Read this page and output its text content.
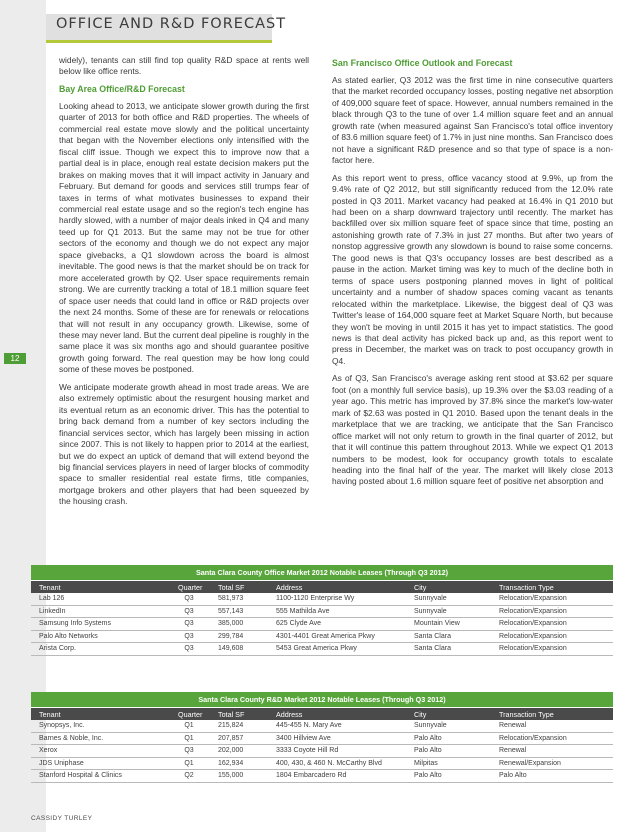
OFFICE AND R&D FORECAST
12

widely), tenants can still find top quality R&D space at rents well below like office rents.

Bay Area Office/R&D Forecast

Looking ahead to 2013, we anticipate slower growth during the first quarter of 2013 for both office and R&D properties. The wheels of commercial real estate move slowly and the political uncertainty that began with the November elections only intensified with the fiscal cliff issue. Though we expect this to improve now that a partial deal is in place, enough real estate decision makers put the brakes on making moves that it will impact activity in January and February. But demand for goods and services still trumps fear of taxes in terms of what motivates businesses to expand their commercial real estate usage and so the region's tech engine has hardly slowed, with a number of major deals inked in Q4 and many teed up for Q1 2013. But the same may not be true for other sectors of the economy and though we do not expect any major space givebacks, a Q1 slowdown across the board is almost inevitable. The good news is that the market should be on track for more accelerated growth by Q2. User space requirements remain strong. We are currently tracking a total of 18.1 million square feet of space user needs that could land in office or R&D projects over the next 24 months. Some of these are for renewals or relocations that will not result in any occupancy growth. Likewise, some of these may never land. But the current deal pipeline is roughly in the same place it was six months ago and should guarantee positive growth going forward. The real question may be how long could some of these moves be postponed.

We anticipate moderate growth ahead in most trade areas. We are also extremely optimistic about the resurgent housing market and its eventual return as an economic driver. This has the potential to bring back demand from a number of key sectors including the financial services sector, which has largely been missing in action since 2007. This is not likely to happen prior to 2014 at the earliest, but we do expect an uptick of demand that will extend beyond the big financial services players in need of larger blocks of commodity space to smaller residential real estate firms, title companies, mortgage brokers and other players that had been squeezed by the housing crash.

San Francisco Office Outlook and Forecast

As stated earlier, Q3 2012 was the first time in nine consecutive quarters that the market recorded occupancy losses, posting negative net absorption of 409,000 square feet of space. However, annual numbers remained in the black through Q3 to the tune of over 1.4 million square feet and an annual growth rate (when measured against San Francisco's total office inventory of 83.6 million square feet) of 1.7% in just nine months. San Francisco does not have a significant R&D presence and so that type of space is a non-factor here.

As this report went to press, office vacancy stood at 9.9%, up from the 9.4% rate of Q2 2012, but still significantly reduced from the 12.0% rate posted in Q3 2011. Market vacancy had peaked at 16.4% in Q1 2010 but had been on a sharp downward trajectory until recently. The market has backfilled over six million square feet of space since that time, posting an astonishing growth rate of 7.3% in just 27 months. But after two years of nonstop aggressive growth any slowdown is bound to raise some concerns. The good news is that Q3's occupancy losses are best described as a pause in the action. Market timing was key to much of the decline both in terms of space users postponing planned moves in light of political uncertainty and a number of shadow spaces coming vacant as tenants relocated within the marketplace. Likewise, the biggest deal of Q3 was Twitter's lease of 164,000 square feet at Market Square North, but because they won't be moving in until 2015 it has yet to impact statistics. The good news is that deal activity has picked back up and, as this report went to press in December, the market was on track to post occupancy growth in Q4.

As of Q3, San Francisco's average asking rent stood at $3.62 per square foot (on a monthly full service basis), up 19.3% over the $3.03 reading of a year ago. This metric has improved by 37.8% since the market's low-water mark of $2.63 was posted in Q1 2010. Based upon the tenant deals in the marketplace that we are tracking, we anticipate that the San Francisco office market will not only return to growth in the final quarter of 2012, but that it will continue this pattern throughout 2013. While we expect Q1 2013 numbers to be modest, look for occupancy growth totals to escalate heading into the final half of the year. The market will likely close 2013 having posted about 1.6 million square feet of positive net absorption and

Santa Clara County Office Market 2012 Notable Leases (Through Q3 2012)
Tenant	Quarter	Total SF	Address	City	Transaction Type
Lab 126	Q3	581,973	1100-1120 Enterprise Wy	Sunnyvale	Relocation/Expansion
LinkedIn	Q3	557,143	555 Mathilda Ave	Sunnyvale	Relocation/Expansion
Samsung Info Systems	Q3	385,000	625 Clyde Ave	Mountain View	Relocation/Expansion
Palo Alto Networks	Q3	299,784	4301-4401 Great America Pkwy	Santa Clara	Relocation/Expansion
Arista Corp.	Q3	149,608	5453 Great America Pkwy	Santa Clara	Relocation/Expansion
Santa Clara County R&D Market 2012 Notable Leases (Through Q3 2012)
Tenant	Quarter	Total SF	Address	City	Transaction Type
Synopsys, Inc.	Q1	215,824	445-455 N. Mary Ave	Sunnyvale	Renewal
Barnes & Noble, Inc.	Q1	207,857	3400 Hillview Ave	Palo Alto	Relocation/Expansion
Xerox	Q3	202,000	3333 Coyote Hill Rd	Palo Alto	Renewal
JDS Uniphase	Q1	162,934	400, 430, & 460 N. McCarthy Blvd	Milpitas	Renewal/Expansion
Stanford Hospital & Clinics	Q2	155,000	1804 Embarcadero Rd	Palo Alto	Palo Alto
CASSIDY TURLEY
